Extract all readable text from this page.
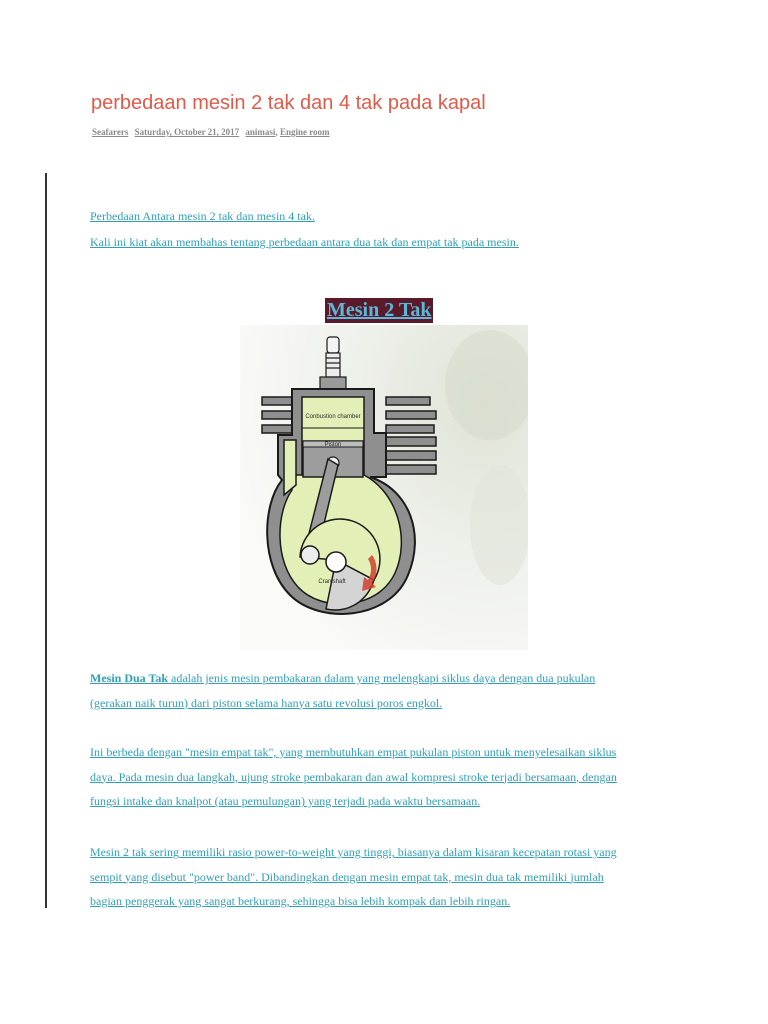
perbedaan mesin 2 tak dan 4 tak pada kapal
Seafarers Saturday, October 21, 2017 animasi, Engine room
Perbedaan Antara mesin 2 tak dan mesin 4 tak.
Kali ini kiat akan membahas tentang perbedaan antara dua tak dan empat tak pada mesin.
Mesin 2 Tak
Conbustion chamber
Piston
Cranishaft
Mesin Dua Tak adalah jenis mesin pembakaran dalam yang melengkapi siklus daya dengan dua pukulan
(gerakan naik turun) dari piston selama hanya satu revolusi poros engkol.
Ini berbeda dengan "mesin empat tak", yang membutuhkan empat pukulan piston untuk menyelesaikan siklus
daya. Pada mesin dua langkah, ujung stroke pembakaran dan awal kompresi stroke terjadi bersamaan, dengan
fungsi intake dan knalpot (atau pemulungan) yang terjadi pada waktu bersamaan.
Mesin 2 tak sering memiliki rasio power-to-weight yang tinggi, biasanya dalam kisaran kecepatan rotasi yang
sempit yang disebut "power band". Dibandingkan dengan mesin empat tak, mesin dua tak memiliki jumlah
bagian penggerak yang sangat berkurang, sehingga bisa lebih kompak dan lebih ringan.
